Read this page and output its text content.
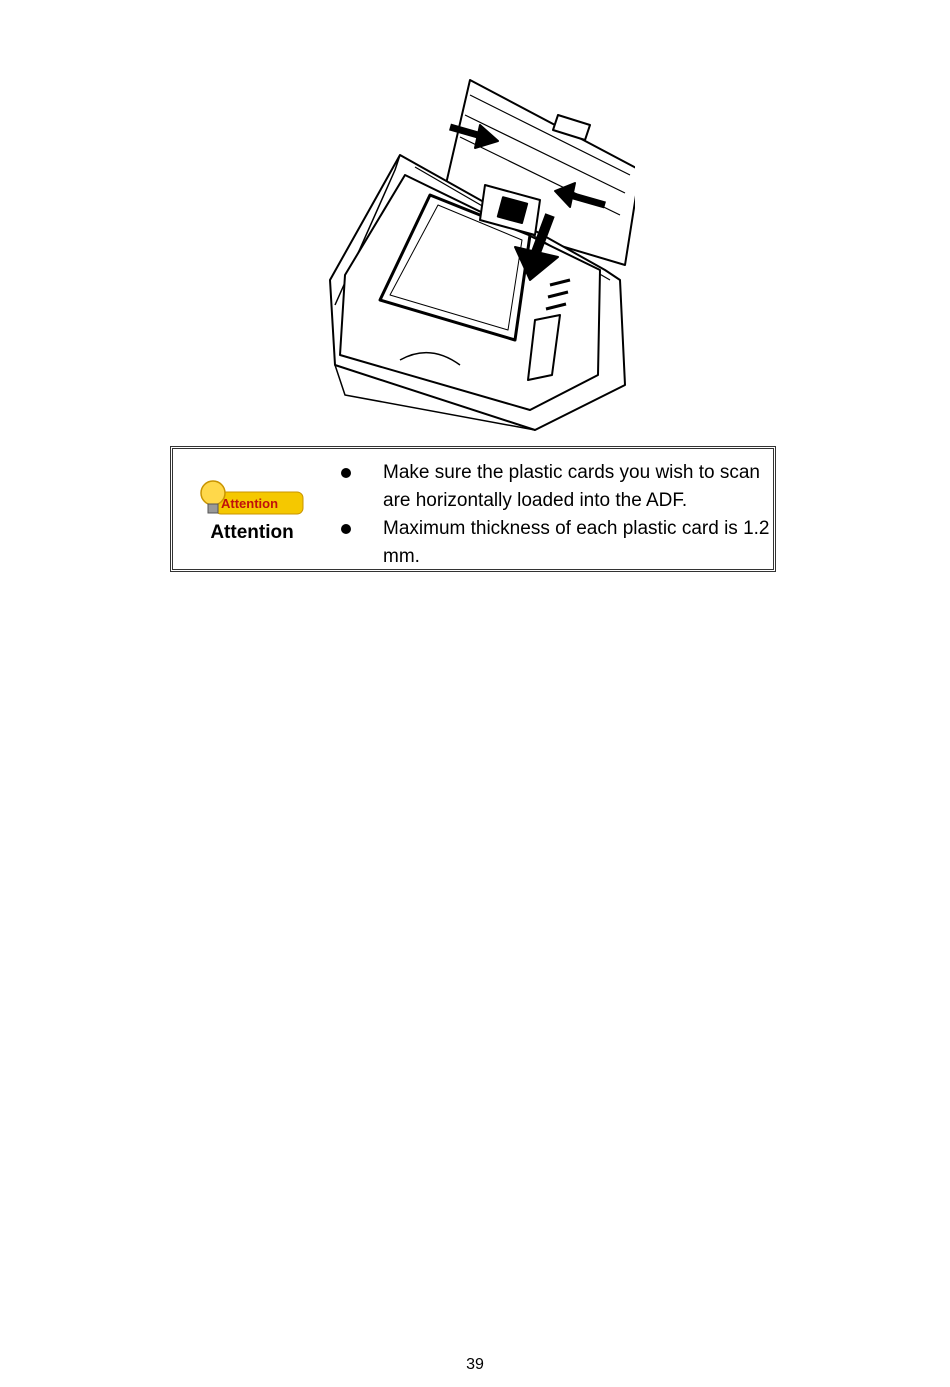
Attention
Attention
Make sure the plastic cards you wish to scan are horizontally loaded into the ADF.
Maximum thickness of each plastic card is 1.2 mm.
39
